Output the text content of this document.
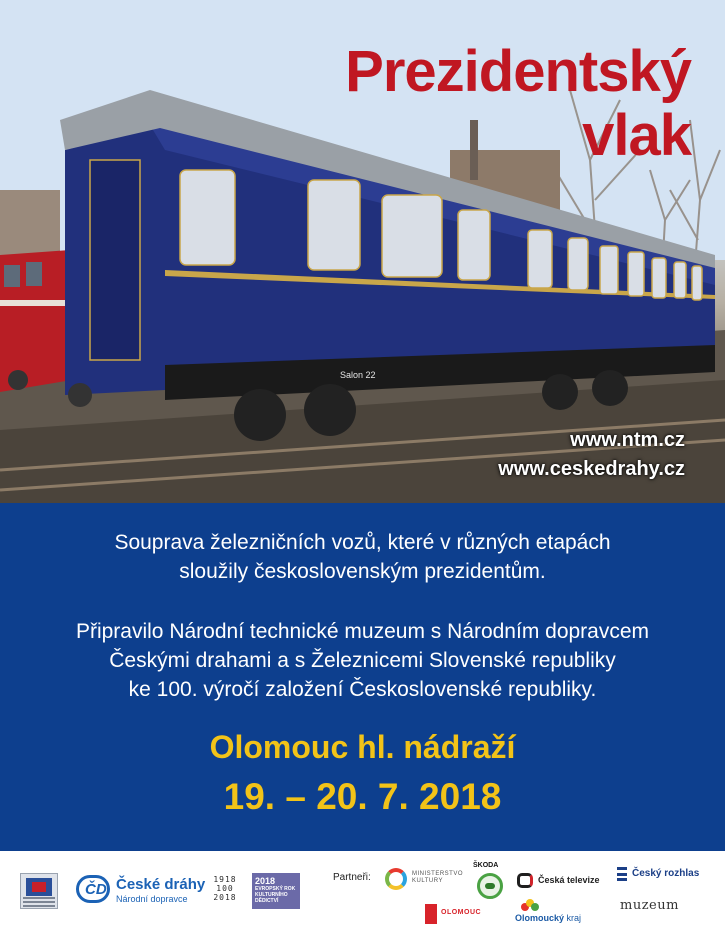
Salon 22
Prezidentský
vlak
www.ntm.cz
www.ceskedrahy.cz
Souprava železničních vozů, které v různých etapách
sloužily československým prezidentům.
Připravilo Národní technické muzeum s Národním dopravcem
Českými drahami a s Železnicemi Slovenské republiky
ke 100. výročí založení Československé republiky.
Olomouc hl. nádraží
19. – 20. 7. 2018
ČD České dráhy
Národní dopravce
1918
100
2018
2018
EVROPSKÝ ROK KULTURNÍHO DĚDICTVÍ
Partneři:	MINISTERSTVO KULTURY
ŠKODA
Česká televize
Český rozhlas
OLOMOUC
Olomoucký kraj
muzeum
